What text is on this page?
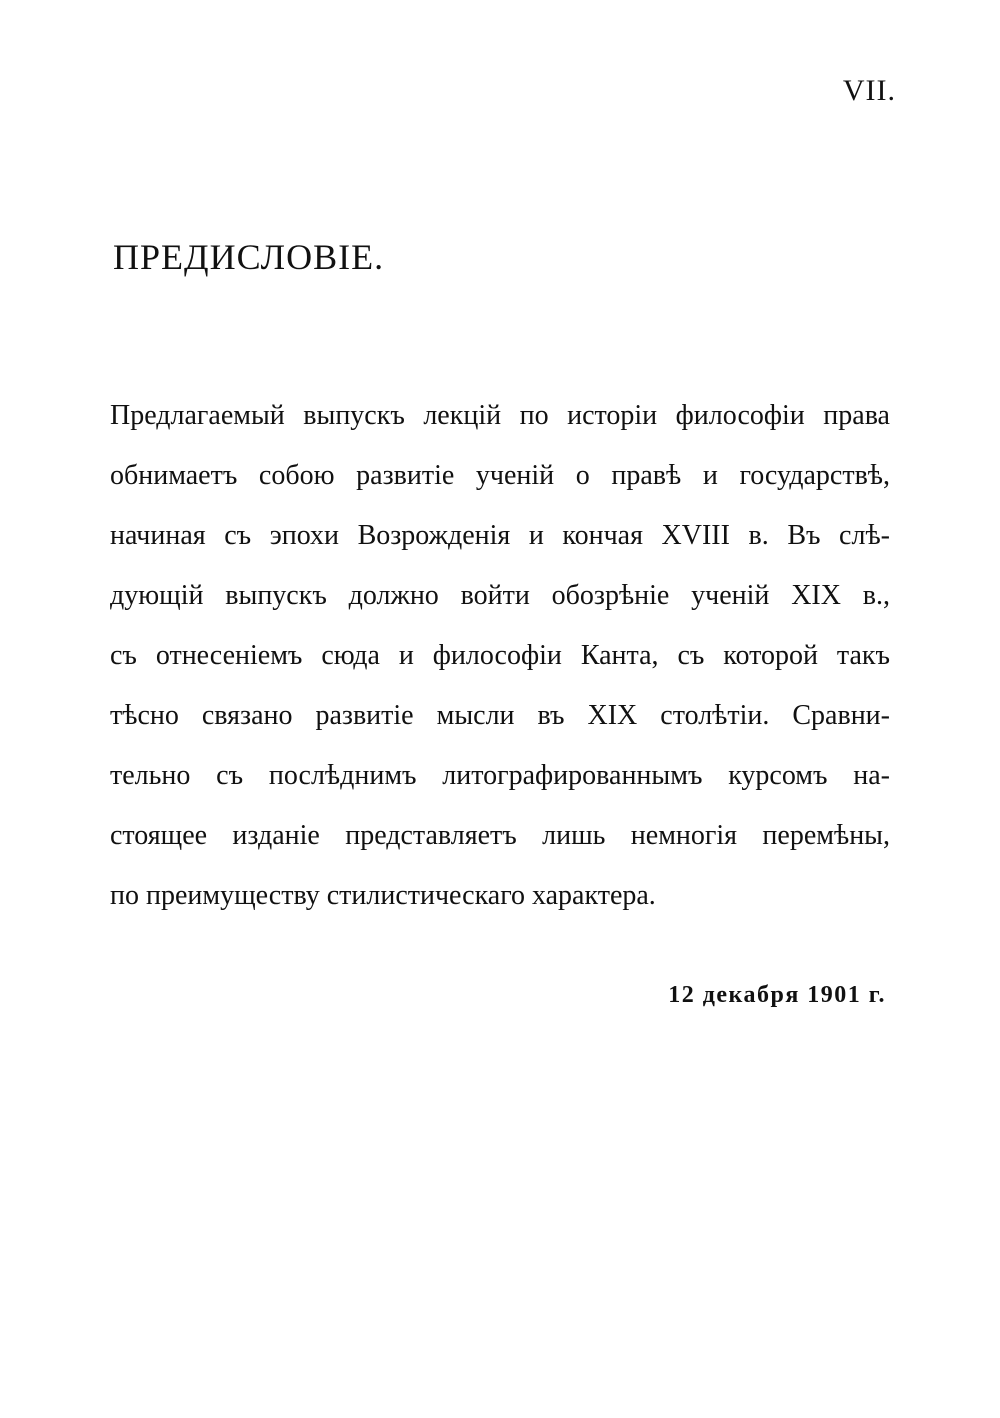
VII.
ПРЕДИСЛОВІЕ.
Предлагаемый выпускъ лекцій по исторіи философіи права
обнимаетъ собою развитіе ученій о правѣ и государствѣ,
начиная съ эпохи Возрожденія и кончая XVIII в. Въ слѣ-
дующій выпускъ должно войти обозрѣніе ученій XIX в.,
съ отнесеніемъ сюда и философіи Канта, съ которой такъ
тѣсно связано развитіе мысли въ XIX столѣтіи. Сравни-
тельно съ послѣднимъ литографированнымъ курсомъ на-
стоящее изданіе представляетъ лишь немногія перемѣны,
по преимуществу стилистическаго характера.
12 декабря 1901 г.
